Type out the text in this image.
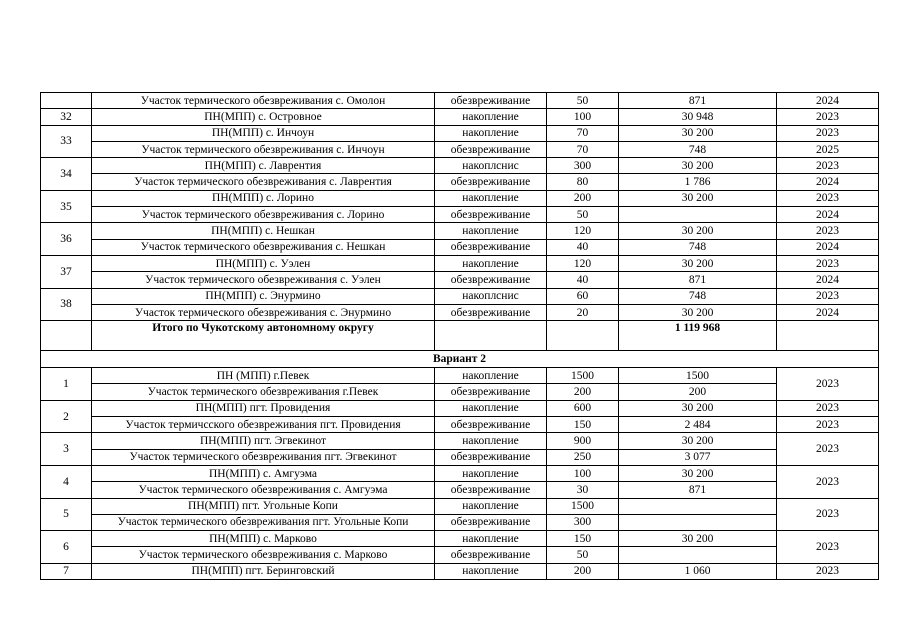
	Участок термического обезвреживания с. Омолон	обезвреживание	50	871	2024
32	ПН(МПП) с. Островное	накопление	100	30 948	2023
33	ПН(МПП) с. Инчоун	накопление	70	30 200	2023
	Участок термического обезвреживания с. Инчоун	обезвреживание	70	748	2025
34	ПН(МПП) с. Лаврентия	накоплснис	300	30 200	2023
	Участок термического обезвреживания с. Лаврентия	обезвреживание	80	1 786	2024
35	ПН(МПП) с. Лорино	накопление	200	30 200	2023
	Участок термического обезвреживания с. Лорино	обезвреживание	50		2024
36	ПН(МПП) с. Нешкан	накопление	120	30 200	2023
	Участок термического обезвреживания с. Нешкан	обезвреживание	40	748	2024
37	ПН(МПП) с. Уэлен	накопление	120	30 200	2023
	Участок термического обезвреживания с. Уэлен	обезвреживание	40	871	2024
38	ПН(МПП) с. Энурмино	накоплснис	60	748	2023
	Участок термического обезвреживания с. Энурмино	обезвреживание	20	30 200	2024
	Итого по Чукотскому автономному округу			1 119 968	
Вариант 2					
1	ПН (МПП) г.Певек	накопление	1500	1500	2023
	Участок термического обезвреживания г.Певек	обезвреживание	200	200	
2	ПН(МПП) пгт. Провидения	накопление	600	30 200	2023
	Участок термичсского обезвреживания пгт. Провидения	обезвреживание	150	2 484	2023
3	ПН(МПП) пгт. Эгвекинот	накопление	900	30 200	2023
	Участок термического обезвреживания пгт. Эгвекинот	обезвреживание	250	3 077	
4	ПН(МПП) с. Амгуэма	накопление	100	30 200	2023
	Участок термического обезвреживания с. Амгуэма	обезвреживание	30	871	
5	ПН(МПП) пгт. Угольные Копи	накопление	1500		2023
	Участок термического обезвреживания пгт. Угольные Копи	обезвреживание	300		
6	ПН(МПП) с. Марково	накопление	150	30 200	2023
	Участок термического обезвреживания с. Марково	обезвреживание	50		
7	ПН(МПП) пгт. Беринговский	накопление	200	1 060	2023
